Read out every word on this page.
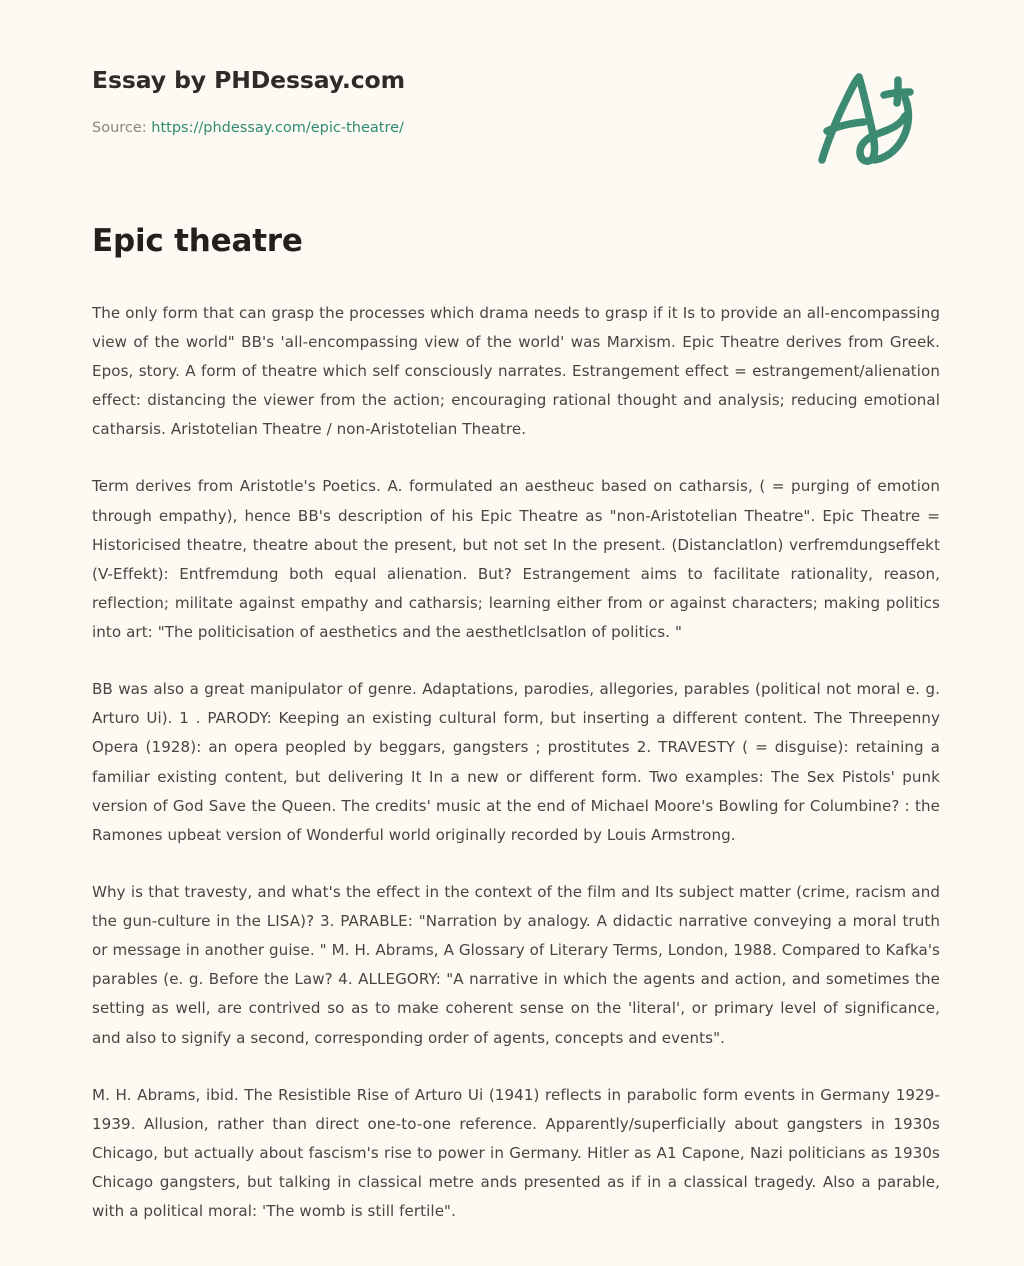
Essay by PHDessay.com
Source: https://phdessay.com/epic-theatre/
Epic theatre

The only form that can grasp the processes which drama needs to grasp if it Is to provide an all-encompassing view of the world" BB's 'all-encompassing view of the world' was Marxism. Epic Theatre derives from Greek. Epos, story. A form of theatre which self consciously narrates. Estrangement effect = estrangement/alienation effect: distancing the viewer from the action; encouraging rational thought and analysis; reducing emotional catharsis. Aristotelian Theatre / non-Aristotelian Theatre.

Term derives from Aristotle's Poetics. A. formulated an aestheuc based on catharsis, ( = purging of emotion through empathy), hence BB's description of his Epic Theatre as "non-Aristotelian Theatre". Epic Theatre = Historicised theatre, theatre about the present, but not set In the present. (Distanclatlon) verfremdungseffekt (V-Effekt): Entfremdung both equal alienation. But? Estrangement aims to facilitate rationality, reason, reflection; militate against empathy and catharsis; learning either from or against characters; making politics into art: "The politicisation of aesthetics and the aesthetlclsatlon of politics. "

BB was also a great manipulator of genre. Adaptations, parodies, allegories, parables (political not moral e. g. Arturo Ui). 1 . PARODY: Keeping an existing cultural form, but inserting a different content. The Threepenny Opera (1928): an opera peopled by beggars, gangsters ; prostitutes 2. TRAVESTY ( = disguise): retaining a familiar existing content, but delivering It In a new or different form. Two examples: The Sex Pistols' punk version of God Save the Queen. The credits' music at the end of Michael Moore's Bowling for Columbine? : the Ramones upbeat version of Wonderful world originally recorded by Louis Armstrong.

Why is that travesty, and what's the effect in the context of the film and Its subject matter (crime, racism and the gun-culture in the LISA)? 3. PARABLE: "Narration by analogy. A didactic narrative conveying a moral truth or message in another guise. " M. H. Abrams, A Glossary of Literary Terms, London, 1988. Compared to Kafka's parables (e. g. Before the Law? 4. ALLEGORY: "A narrative in which the agents and action, and sometimes the setting as well, are contrived so as to make coherent sense on the 'literal', or primary level of significance, and also to signify a second, corresponding order of agents, concepts and events".

M. H. Abrams, ibid. The Resistible Rise of Arturo Ui (1941) reflects in parabolic form events in Germany 1929-1939. Allusion, rather than direct one-to-one reference. Apparently/superficially about gangsters in 1930s Chicago, but actually about fascism's rise to power in Germany. Hitler as A1 Capone, Nazi politicians as 1930s Chicago gangsters, but talking in classical metre ands presented as if in a classical tragedy. Also a parable, with a political moral: 'The womb is still fertile".
